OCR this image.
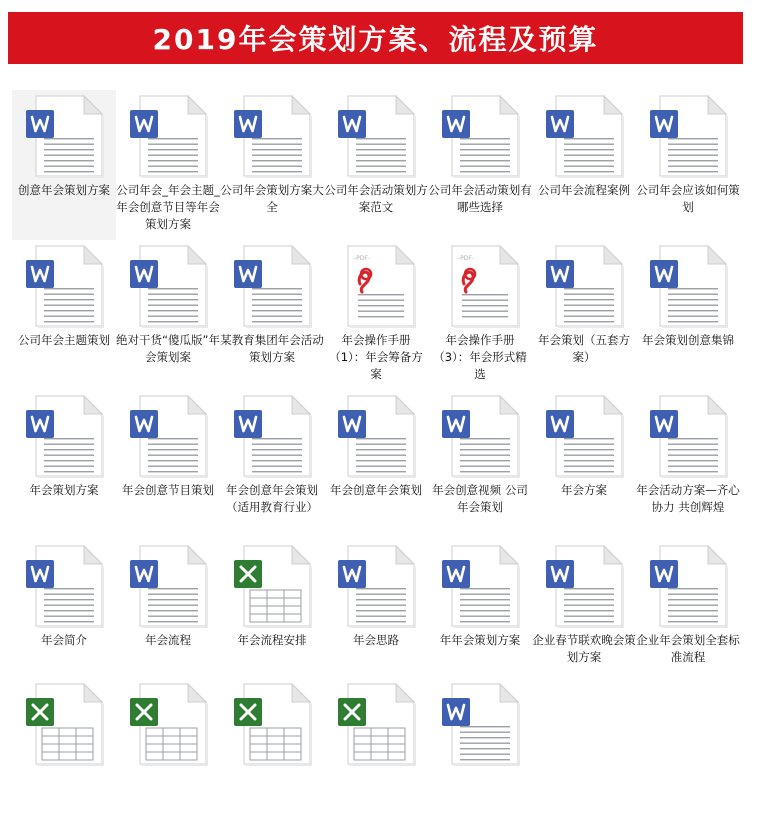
2019年会策划方案、流程及预算
创意年会策划方案 公司年会_年会主题_年会创意节目等年会策划方案
公司年会策划方案大全
公司年会活动策划方案范文
公司年会活动策划有哪些选择
公司年会流程案例 公司年会应该如何策划
公司年会主题策划 绝对干货“傻瓜版”年会策划案
某教育集团年会活动策划方案
-PDF-
年会操作手册（1）：年会筹备方案
-PDF-
年会操作手册（3）：年会形式精选
年会策划（五套方案）
年会策划创意集锦
年会策划方案	年会创意节目策划	年会创意年会策划（适用教育行业）
年会创意年会策划 年会创意视频 公司年会策划
年会方案	年会活动方案—齐心协力 共创辉煌
年会简介	年会流程	年会流程安排	年会思路	年年会策划方案	企业春节联欢晚会策划方案
企业年会策划全套标准流程
